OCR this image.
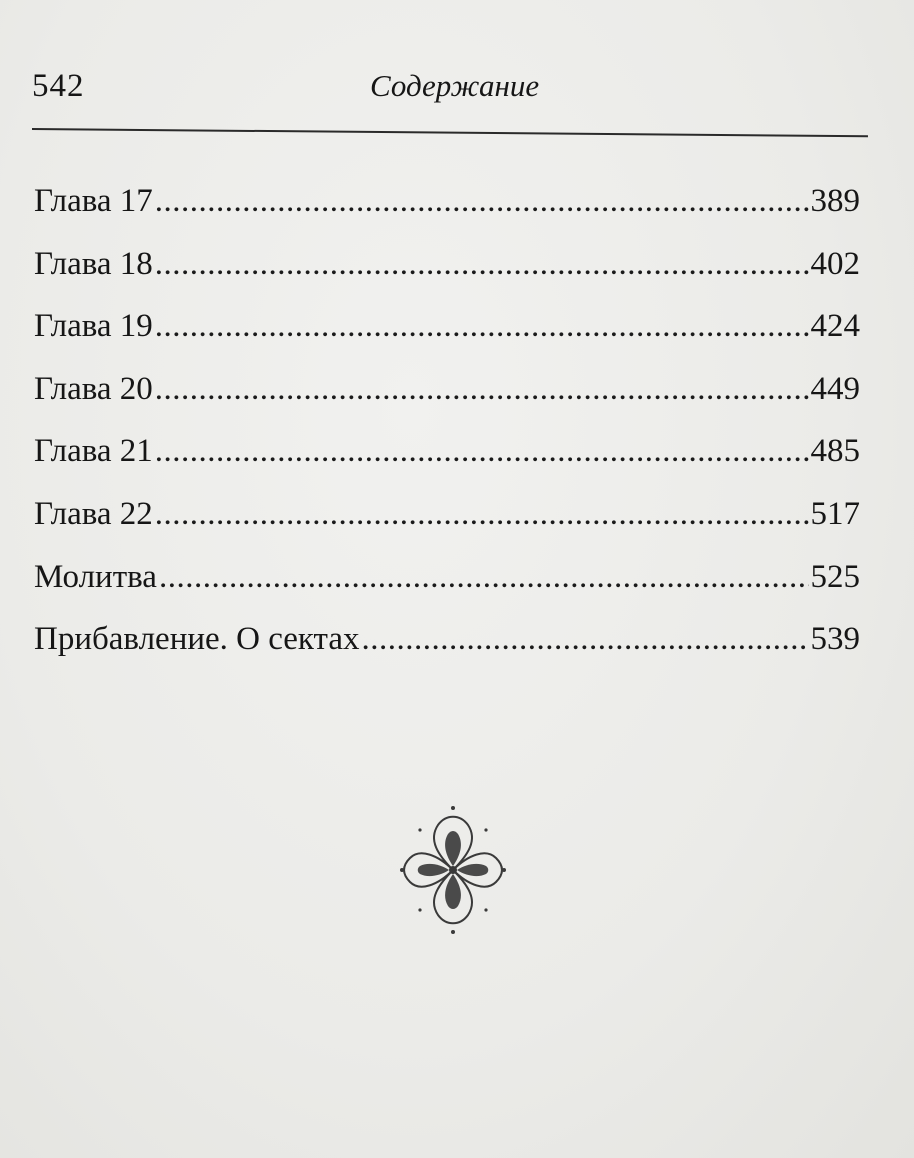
542	Содержание
Глава 17 .....	389
Глава 18 .....	402
Глава 19 .....	424
Глава 20 .....	449
Глава 21 .....	485
Глава 22 .....	517
Молитва .....	525
Прибавление. О сектах .....	539
